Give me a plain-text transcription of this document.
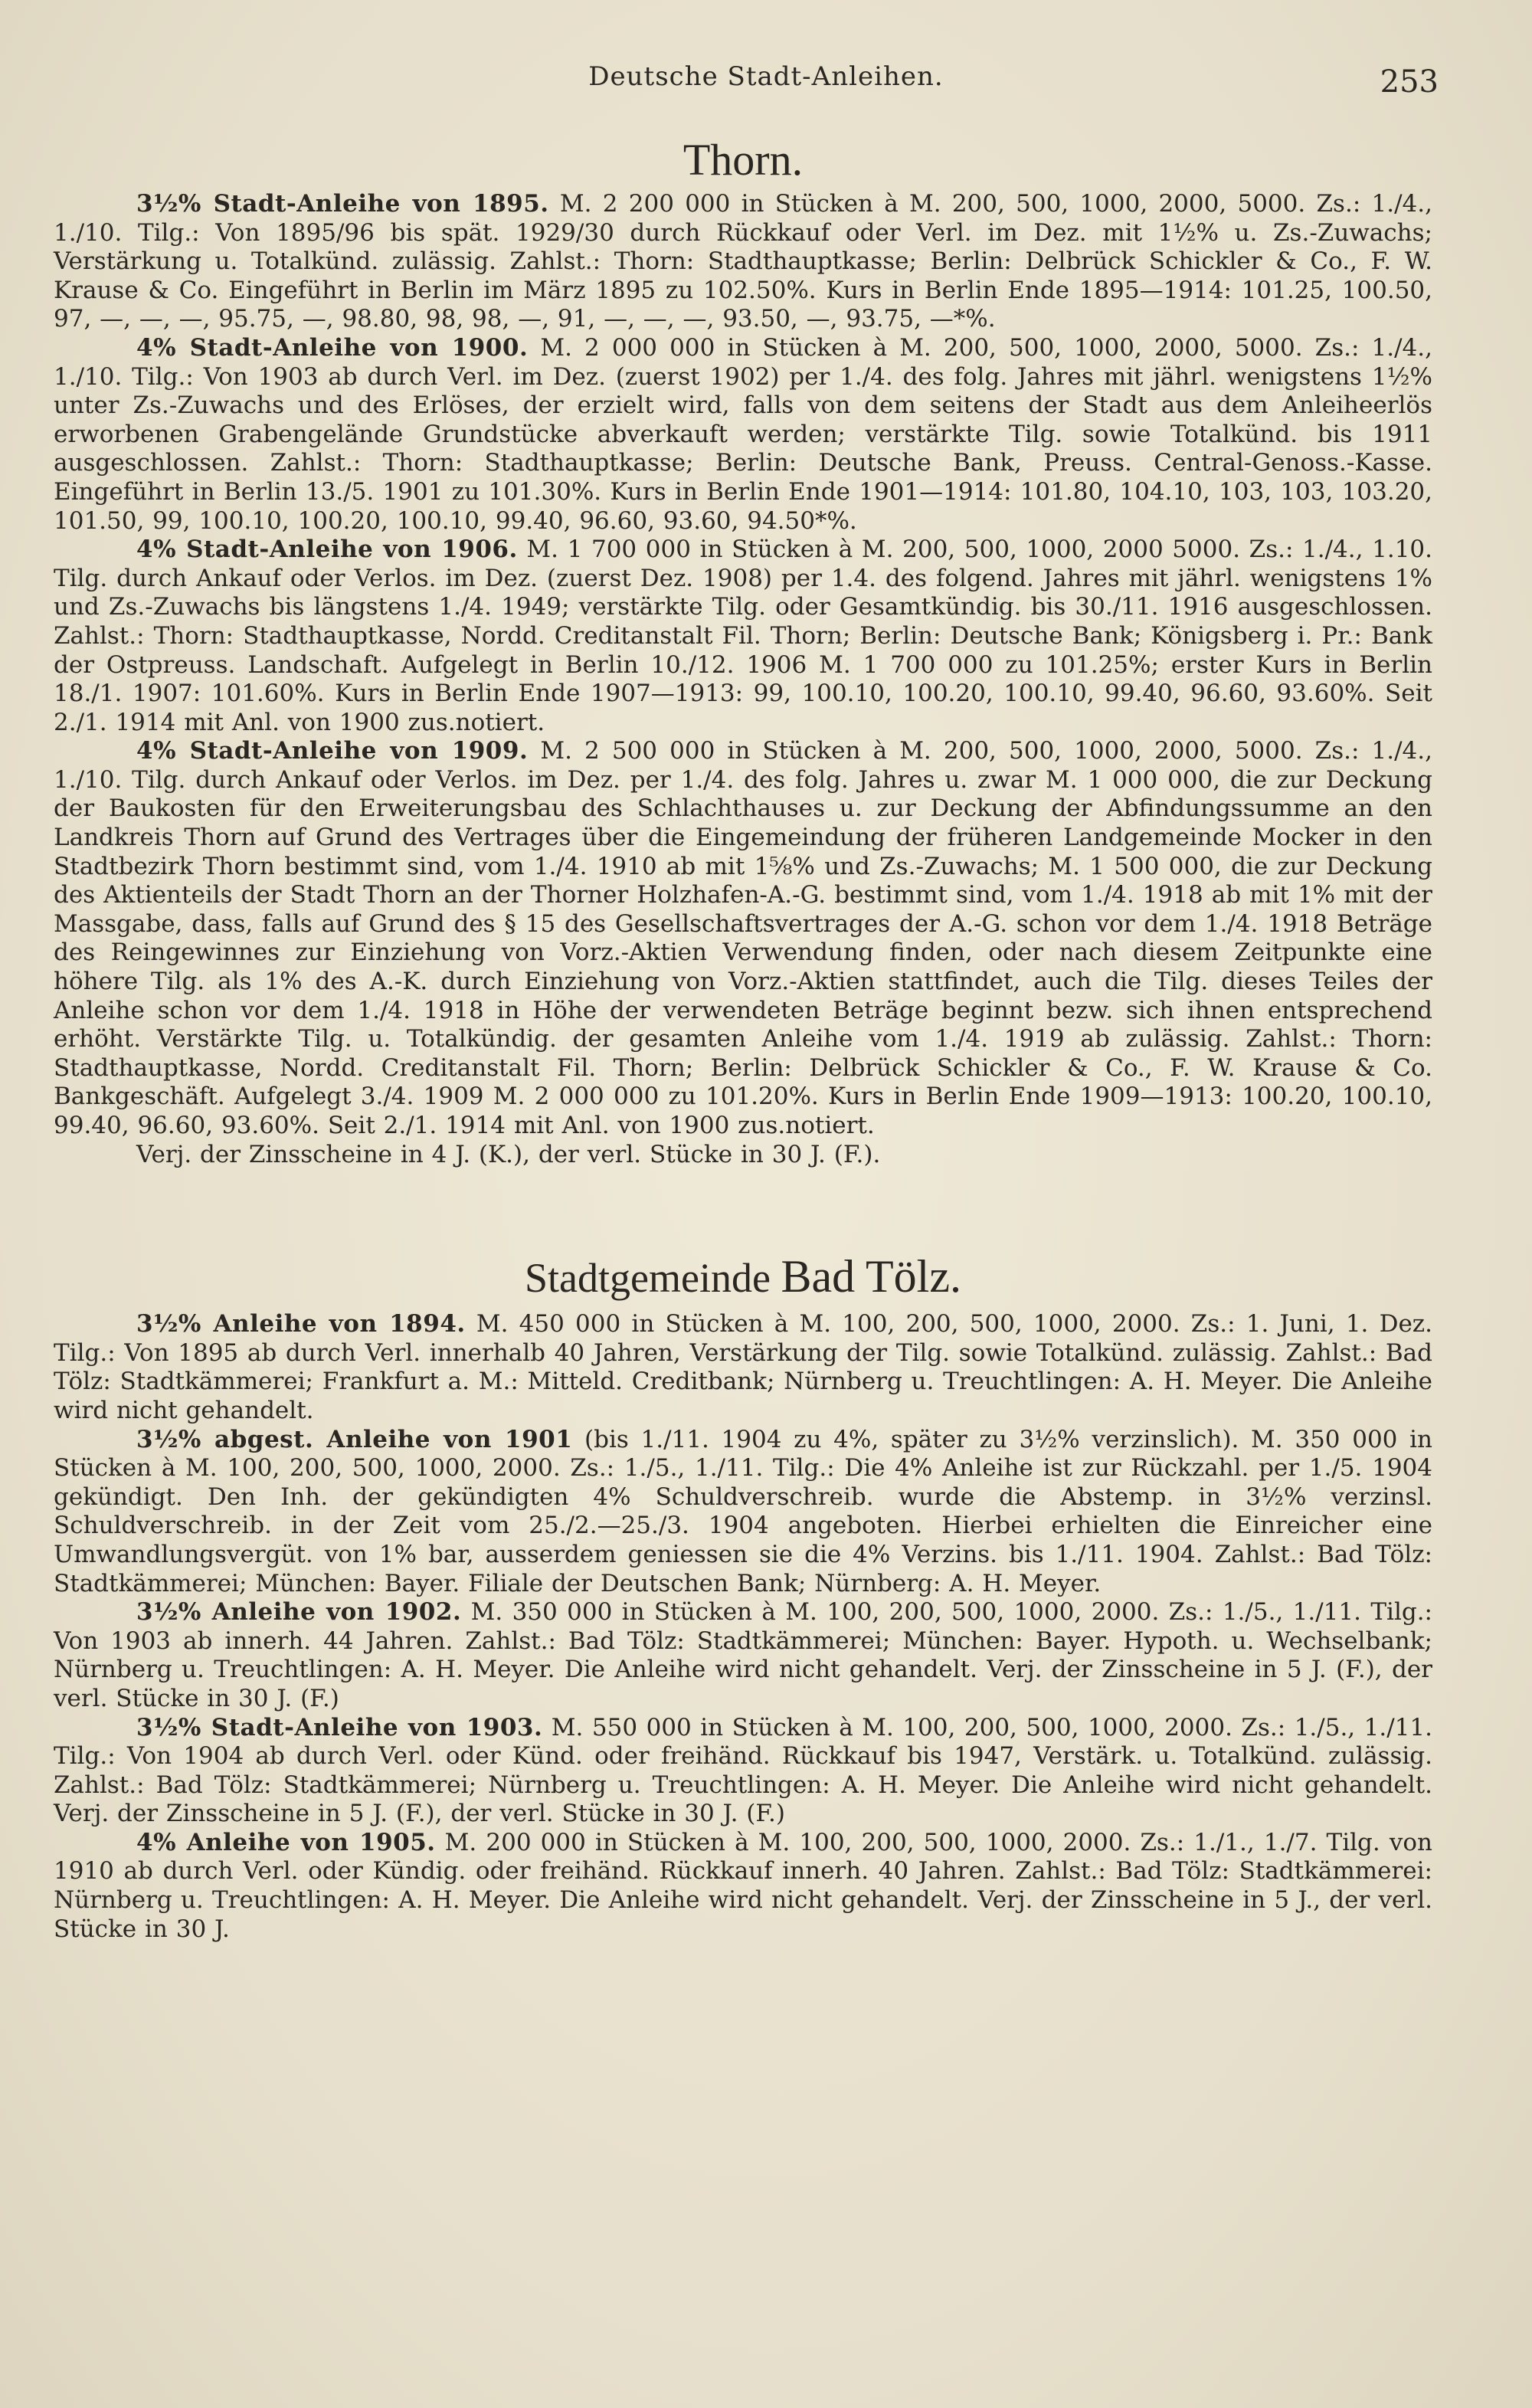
Deutsche Stadt-Anleihen.	253
Thorn.

3½% Stadt-Anleihe von 1895. M. 2 200 000 in Stücken à M. 200, 500, 1000, 2000, 5000. Zs.: 1./4., 1./10. Tilg.: Von 1895/96 bis spät. 1929/30 durch Rückkauf oder Verl. im Dez. mit 1½% u. Zs.-Zuwachs; Verstärkung u. Totalkünd. zulässig. Zahlst.: Thorn: Stadthauptkasse; Berlin: Delbrück Schickler & Co., F. W. Krause & Co. Eingeführt in Berlin im März 1895 zu 102.50%. Kurs in Berlin Ende 1895—1914: 101.25, 100.50, 97, —, —, —, 95.75, —, 98.80, 98, 98, —, 91, —, —, —, 93.50, —, 93.75, —*%.

4% Stadt-Anleihe von 1900. M. 2 000 000 in Stücken à M. 200, 500, 1000, 2000, 5000. Zs.: 1./4., 1./10. Tilg.: Von 1903 ab durch Verl. im Dez. (zuerst 1902) per 1./4. des folg. Jahres mit jährl. wenigstens 1½% unter Zs.-Zuwachs und des Erlöses, der erzielt wird, falls von dem seitens der Stadt aus dem Anleiheerlös erworbenen Grabengelände Grundstücke abverkauft werden; verstärkte Tilg. sowie Totalkünd. bis 1911 ausgeschlossen. Zahlst.: Thorn: Stadthauptkasse; Berlin: Deutsche Bank, Preuss. Central-Genoss.-Kasse. Eingeführt in Berlin 13./5. 1901 zu 101.30%. Kurs in Berlin Ende 1901—1914: 101.80, 104.10, 103, 103, 103.20, 101.50, 99, 100.10, 100.20, 100.10, 99.40, 96.60, 93.60, 94.50*%.

4% Stadt-Anleihe von 1906. M. 1 700 000 in Stücken à M. 200, 500, 1000, 2000 5000. Zs.: 1./4., 1.10. Tilg. durch Ankauf oder Verlos. im Dez. (zuerst Dez. 1908) per 1.4. des folgend. Jahres mit jährl. wenigstens 1% und Zs.-Zuwachs bis längstens 1./4. 1949; verstärkte Tilg. oder Gesamtkündig. bis 30./11. 1916 ausgeschlossen. Zahlst.: Thorn: Stadthauptkasse, Nordd. Creditanstalt Fil. Thorn; Berlin: Deutsche Bank; Königsberg i. Pr.: Bank der Ostpreuss. Landschaft. Aufgelegt in Berlin 10./12. 1906 M. 1 700 000 zu 101.25%; erster Kurs in Berlin 18./1. 1907: 101.60%. Kurs in Berlin Ende 1907—1913: 99, 100.10, 100.20, 100.10, 99.40, 96.60, 93.60%. Seit 2./1. 1914 mit Anl. von 1900 zus.notiert.

4% Stadt-Anleihe von 1909. M. 2 500 000 in Stücken à M. 200, 500, 1000, 2000, 5000. Zs.: 1./4., 1./10. Tilg. durch Ankauf oder Verlos. im Dez. per 1./4. des folg. Jahres u. zwar M. 1 000 000, die zur Deckung der Baukosten für den Erweiterungsbau des Schlachthauses u. zur Deckung der Abfindungssumme an den Landkreis Thorn auf Grund des Vertrages über die Eingemeindung der früheren Landgemeinde Mocker in den Stadtbezirk Thorn bestimmt sind, vom 1./4. 1910 ab mit 1⅝% und Zs.-Zuwachs; M. 1 500 000, die zur Deckung des Aktienteils der Stadt Thorn an der Thorner Holzhafen-A.-G. bestimmt sind, vom 1./4. 1918 ab mit 1% mit der Massgabe, dass, falls auf Grund des § 15 des Gesellschaftsvertrages der A.-G. schon vor dem 1./4. 1918 Beträge des Reingewinnes zur Einziehung von Vorz.-Aktien Verwendung finden, oder nach diesem Zeitpunkte eine höhere Tilg. als 1% des A.-K. durch Einziehung von Vorz.-Aktien stattfindet, auch die Tilg. dieses Teiles der Anleihe schon vor dem 1./4. 1918 in Höhe der verwendeten Beträge beginnt bezw. sich ihnen entsprechend erhöht. Verstärkte Tilg. u. Totalkündig. der gesamten Anleihe vom 1./4. 1919 ab zulässig. Zahlst.: Thorn: Stadthauptkasse, Nordd. Creditanstalt Fil. Thorn; Berlin: Delbrück Schickler & Co., F. W. Krause & Co. Bankgeschäft. Aufgelegt 3./4. 1909 M. 2 000 000 zu 101.20%. Kurs in Berlin Ende 1909—1913: 100.20, 100.10, 99.40, 96.60, 93.60%. Seit 2./1. 1914 mit Anl. von 1900 zus.notiert.

Verj. der Zinsscheine in 4 J. (K.), der verl. Stücke in 30 J. (F.).

Stadtgemeinde Bad Tölz.

3½% Anleihe von 1894. M. 450 000 in Stücken à M. 100, 200, 500, 1000, 2000. Zs.: 1. Juni, 1. Dez. Tilg.: Von 1895 ab durch Verl. innerhalb 40 Jahren, Verstärkung der Tilg. sowie Totalkünd. zulässig. Zahlst.: Bad Tölz: Stadtkämmerei; Frankfurt a. M.: Mitteld. Creditbank; Nürnberg u. Treuchtlingen: A. H. Meyer. Die Anleihe wird nicht gehandelt.

3½% abgest. Anleihe von 1901 (bis 1./11. 1904 zu 4%, später zu 3½% verzinslich). M. 350 000 in Stücken à M. 100, 200, 500, 1000, 2000. Zs.: 1./5., 1./11. Tilg.: Die 4% Anleihe ist zur Rückzahl. per 1./5. 1904 gekündigt. Den Inh. der gekündigten 4% Schuldverschreib. wurde die Abstemp. in 3½% verzinsl. Schuldverschreib. in der Zeit vom 25./2.—25./3. 1904 angeboten. Hierbei erhielten die Einreicher eine Umwandlungsvergüt. von 1% bar, ausserdem geniessen sie die 4% Verzins. bis 1./11. 1904. Zahlst.: Bad Tölz: Stadtkämmerei; München: Bayer. Filiale der Deutschen Bank; Nürnberg: A. H. Meyer.

3½% Anleihe von 1902. M. 350 000 in Stücken à M. 100, 200, 500, 1000, 2000. Zs.: 1./5., 1./11. Tilg.: Von 1903 ab innerh. 44 Jahren. Zahlst.: Bad Tölz: Stadtkämmerei; München: Bayer. Hypoth. u. Wechselbank; Nürnberg u. Treuchtlingen: A. H. Meyer. Die Anleihe wird nicht gehandelt. Verj. der Zinsscheine in 5 J. (F.), der verl. Stücke in 30 J. (F.)

3½% Stadt-Anleihe von 1903. M. 550 000 in Stücken à M. 100, 200, 500, 1000, 2000. Zs.: 1./5., 1./11. Tilg.: Von 1904 ab durch Verl. oder Künd. oder freihänd. Rückkauf bis 1947, Verstärk. u. Totalkünd. zulässig. Zahlst.: Bad Tölz: Stadtkämmerei; Nürnberg u. Treuchtlingen: A. H. Meyer. Die Anleihe wird nicht gehandelt. Verj. der Zinsscheine in 5 J. (F.), der verl. Stücke in 30 J. (F.)

4% Anleihe von 1905. M. 200 000 in Stücken à M. 100, 200, 500, 1000, 2000. Zs.: 1./1., 1./7. Tilg. von 1910 ab durch Verl. oder Kündig. oder freihänd. Rückkauf innerh. 40 Jahren. Zahlst.: Bad Tölz: Stadtkämmerei: Nürnberg u. Treuchtlingen: A. H. Meyer. Die Anleihe wird nicht gehandelt. Verj. der Zinsscheine in 5 J., der verl. Stücke in 30 J.
